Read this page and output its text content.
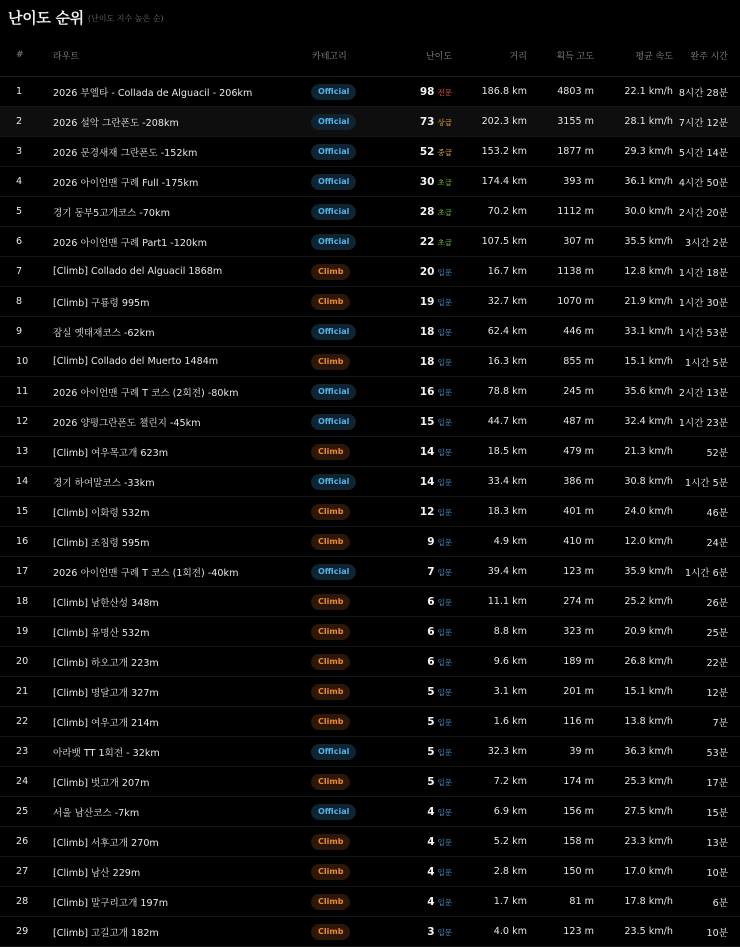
난이도 순위 (난이도 지수 높은 순)
#	라우트	카테고리	난이도	거리	획득 고도	평균 속도	완주 시간
1	2026 부엘타 - Collada de Alguacil - 206km	Official	98 전문	186.8 km	4803 m	22.1 km/h	8시간 28분
2	2026 설악 그란폰도 -208km	Official	73 상급	202.3 km	3155 m	28.1 km/h	7시간 12분
3	2026 문경새재 그란폰도 -152km	Official	52 중급	153.2 km	1877 m	29.3 km/h	5시간 14분
4	2026 아이언맨 구례 Full -175km	Official	30 초급	174.4 km	393 m	36.1 km/h	4시간 50분
5	경기 동부5고개코스 -70km	Official	28 초급	70.2 km	1112 m	30.0 km/h	2시간 20분
6	2026 아이언맨 구례 Part1 -120km	Official	22 초급	107.5 km	307 m	35.5 km/h	3시간 2분
7	[Climb] Collado del Alguacil 1868m	Climb	20 입문	16.7 km	1138 m	12.8 km/h	1시간 18분
8	[Climb] 구룡령 995m	Climb	19 입문	32.7 km	1070 m	21.9 km/h	1시간 30분
9	잠실 옛태재코스 -62km	Official	18 입문	62.4 km	446 m	33.1 km/h	1시간 53분
10	[Climb] Collado del Muerto 1484m	Climb	18 입문	16.3 km	855 m	15.1 km/h	1시간 5분
11	2026 아이언맨 구례 T 코스 (2회전) -80km	Official	16 입문	78.8 km	245 m	35.6 km/h	2시간 13분
12	2026 양평그란폰도 챌린지 -45km	Official	15 입문	44.7 km	487 m	32.4 km/h	1시간 23분
13	[Climb] 여우목고개 623m	Climb	14 입문	18.5 km	479 m	21.3 km/h	52분
14	경기 하여말코스 -33km	Official	14 입문	33.4 km	386 m	30.8 km/h	1시간 5분
15	[Climb] 이화령 532m	Climb	12 입문	18.3 km	401 m	24.0 km/h	46분
16	[Climb] 조침령 595m	Climb	9 입문	4.9 km	410 m	12.0 km/h	24분
17	2026 아이언맨 구례 T 코스 (1회전) -40km	Official	7 입문	39.4 km	123 m	35.9 km/h	1시간 6분
18	[Climb] 남한산성 348m	Climb	6 입문	11.1 km	274 m	25.2 km/h	26분
19	[Climb] 유명산 532m	Climb	6 입문	8.8 km	323 m	20.9 km/h	25분
20	[Climb] 하오고개 223m	Climb	6 입문	9.6 km	189 m	26.8 km/h	22분
21	[Climb] 명달고개 327m	Climb	5 입문	3.1 km	201 m	15.1 km/h	12분
22	[Climb] 여우고개 214m	Climb	5 입문	1.6 km	116 m	13.8 km/h	7분
23	아라뱃 TT 1회전 - 32km	Official	5 입문	32.3 km	39 m	36.3 km/h	53분
24	[Climb] 벗고개 207m	Climb	5 입문	7.2 km	174 m	25.3 km/h	17분
25	서울 남산코스 -7km	Official	4 입문	6.9 km	156 m	27.5 km/h	15분
26	[Climb] 서후고개 270m	Climb	4 입문	5.2 km	158 m	23.3 km/h	13분
27	[Climb] 남산 229m	Climb	4 입문	2.8 km	150 m	17.0 km/h	10분
28	[Climb] 말구리고개 197m	Climb	4 입문	1.7 km	81 m	17.8 km/h	6분
29	[Climb] 고길고개 182m	Climb	3 입문	4.0 km	123 m	23.5 km/h	10분
